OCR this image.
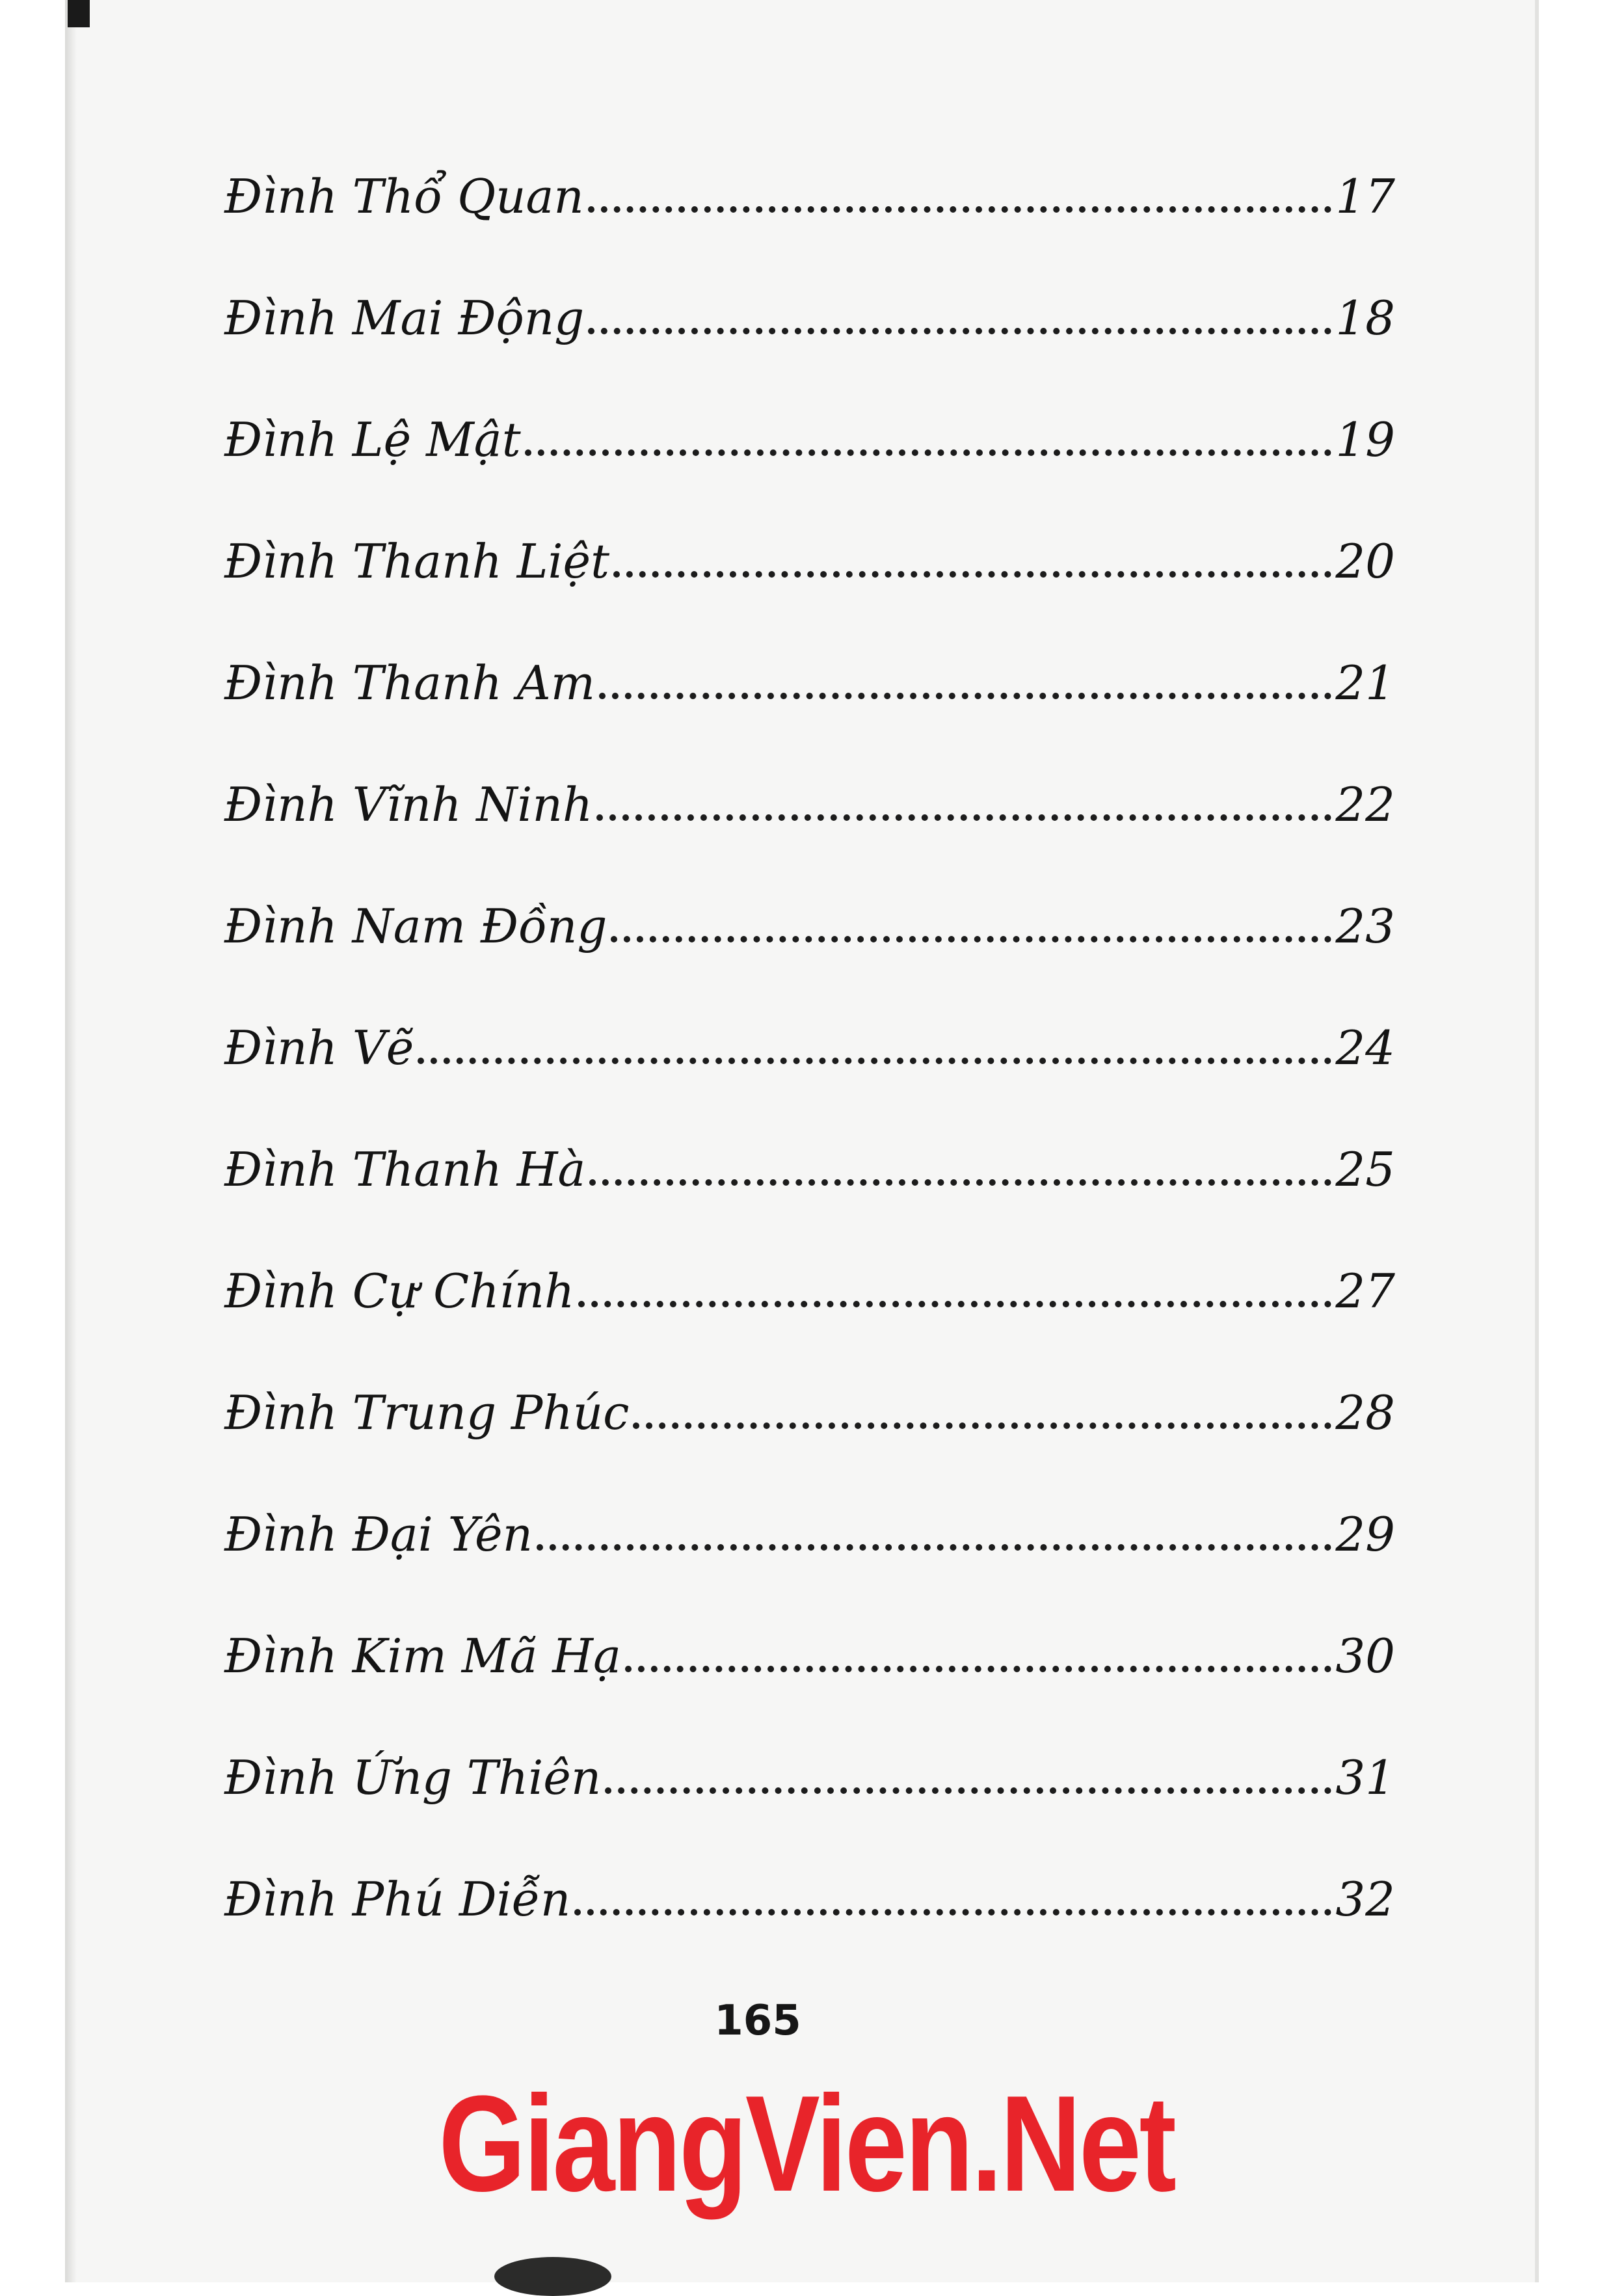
Đình Thổ Quan	17
Đình Mai Động	18
Đình Lệ Mật	19
Đình Thanh Liệt	20
Đình Thanh Am	21
Đình Vĩnh Ninh	22
Đình Nam Đồng	23
Đình Vẽ	24
Đình Thanh Hà	25
Đình Cự Chính	27
Đình Trung Phúc	28
Đình Đại Yên	29
Đình Kim Mã Hạ	30
Đình Ứng Thiên	31
Đình Phú Diễn	32
165
GiangVien.Net
